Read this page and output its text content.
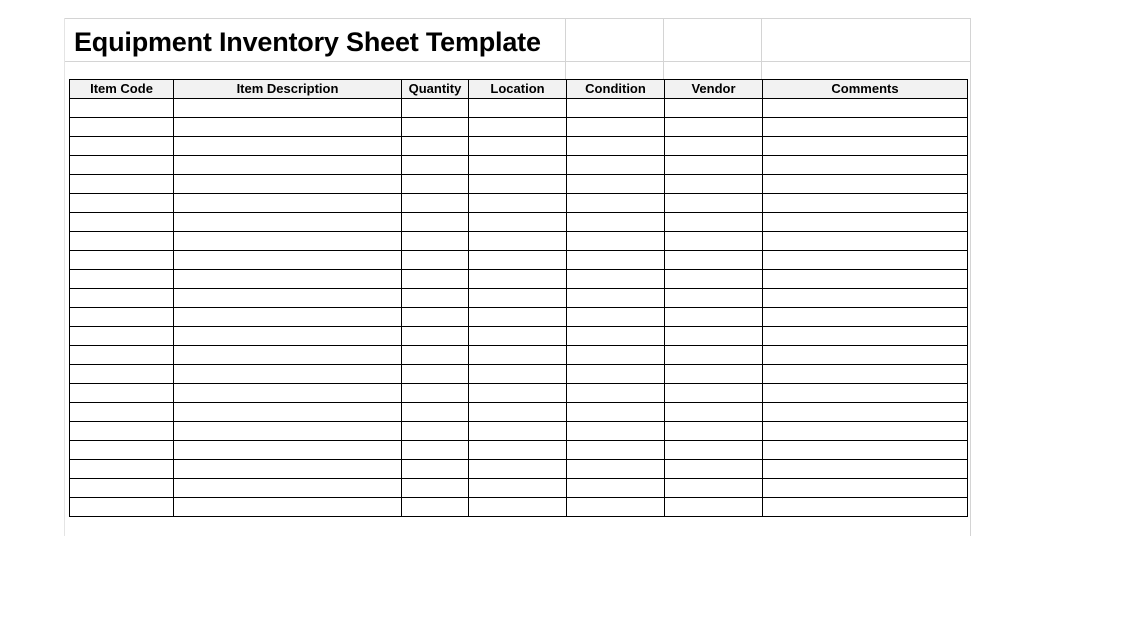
Equipment Inventory Sheet Template
Item Code	Item Description	Quantity	Location	Condition	Vendor	Comments
